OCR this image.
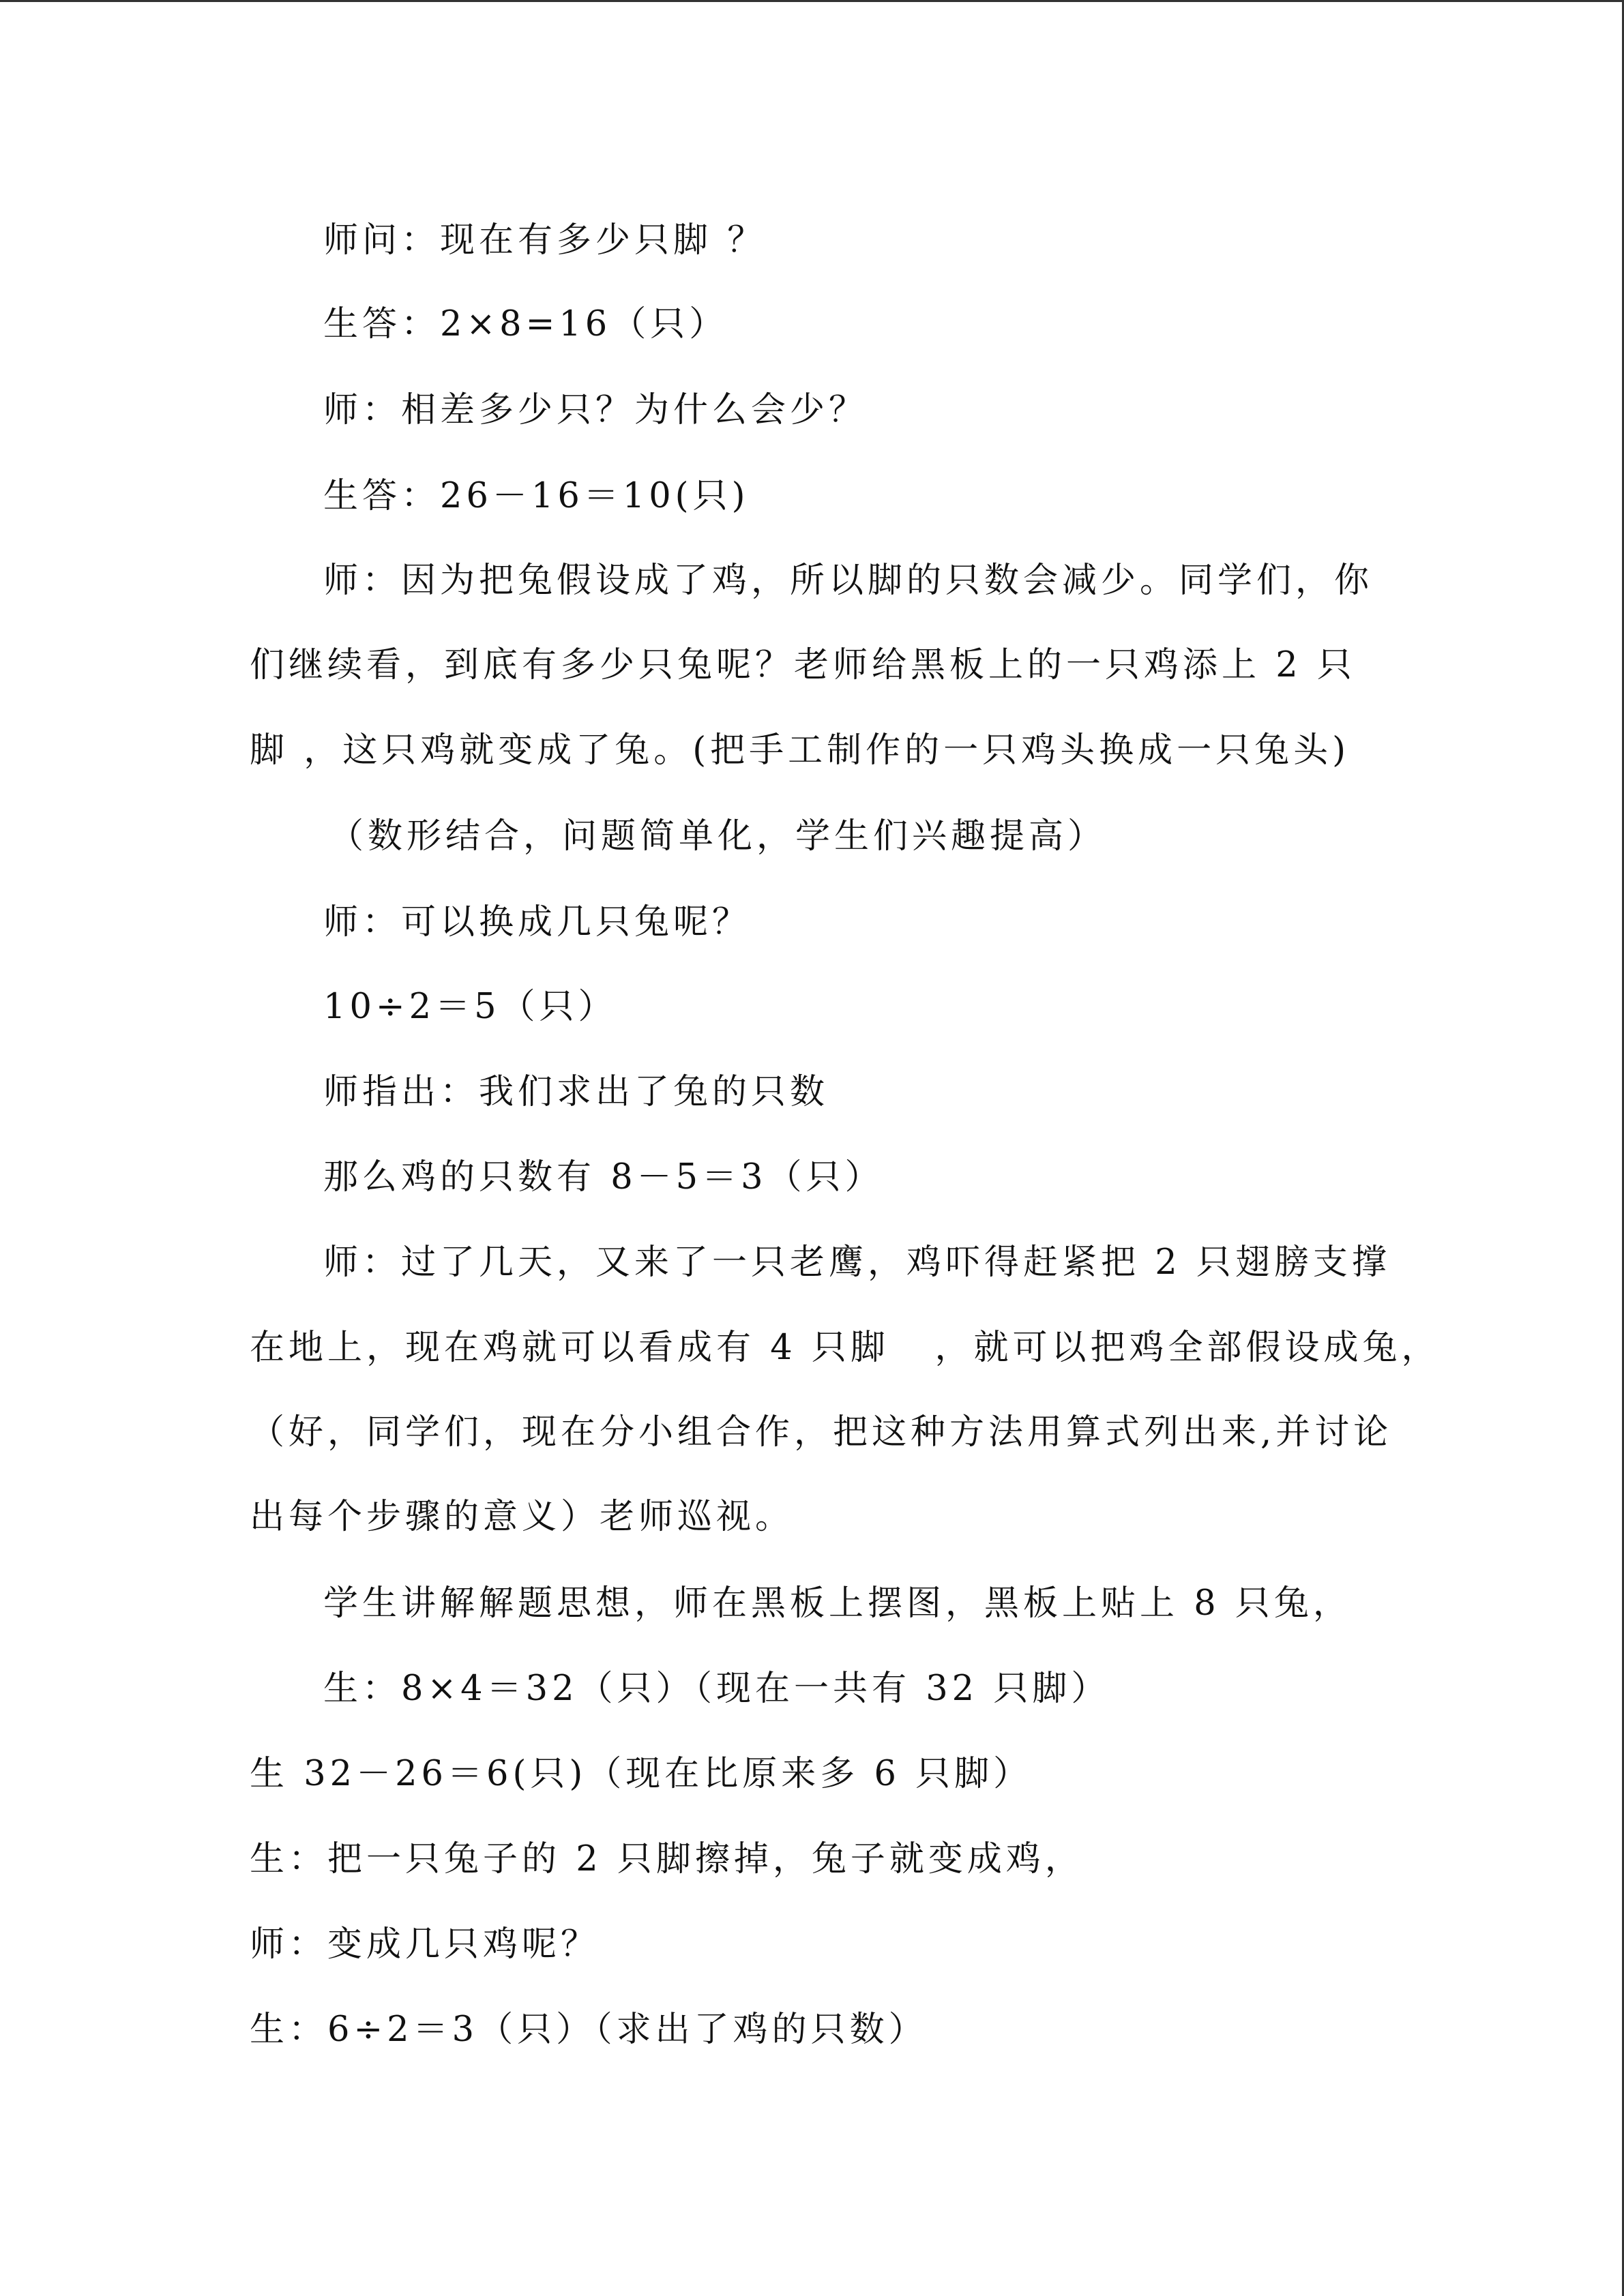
师问：现在有多少只脚 ？
生答：2×8=16（只）
师：相差多少只？为什么会少？
生答：26－16＝10(只)
师：因为把兔假设成了鸡，所以脚的只数会减少。同学们，你
们继续看，到底有多少只兔呢？老师给黑板上的一只鸡添上 2 只
脚 ，这只鸡就变成了兔。(把手工制作的一只鸡头换成一只兔头)
（数形结合，问题简单化，学生们兴趣提高）
师：可以换成几只兔呢？
10÷2＝5（只）
师指出：我们求出了兔的只数
那么鸡的只数有 8－5＝3（只）
师：过了几天，又来了一只老鹰，鸡吓得赶紧把 2 只翅膀支撑
在地上，现在鸡就可以看成有 4 只脚   ，就可以把鸡全部假设成兔，
（好，同学们，现在分小组合作，把这种方法用算式列出来,并讨论
出每个步骤的意义）老师巡视。
学生讲解解题思想，师在黑板上摆图，黑板上贴上 8 只兔，
生：8×4＝32（只）（现在一共有 32 只脚）
生 32－26＝6(只)（现在比原来多 6 只脚）
生：把一只兔子的 2 只脚擦掉，兔子就变成鸡，
师：变成几只鸡呢？
生：6÷2＝3（只）（求出了鸡的只数）
